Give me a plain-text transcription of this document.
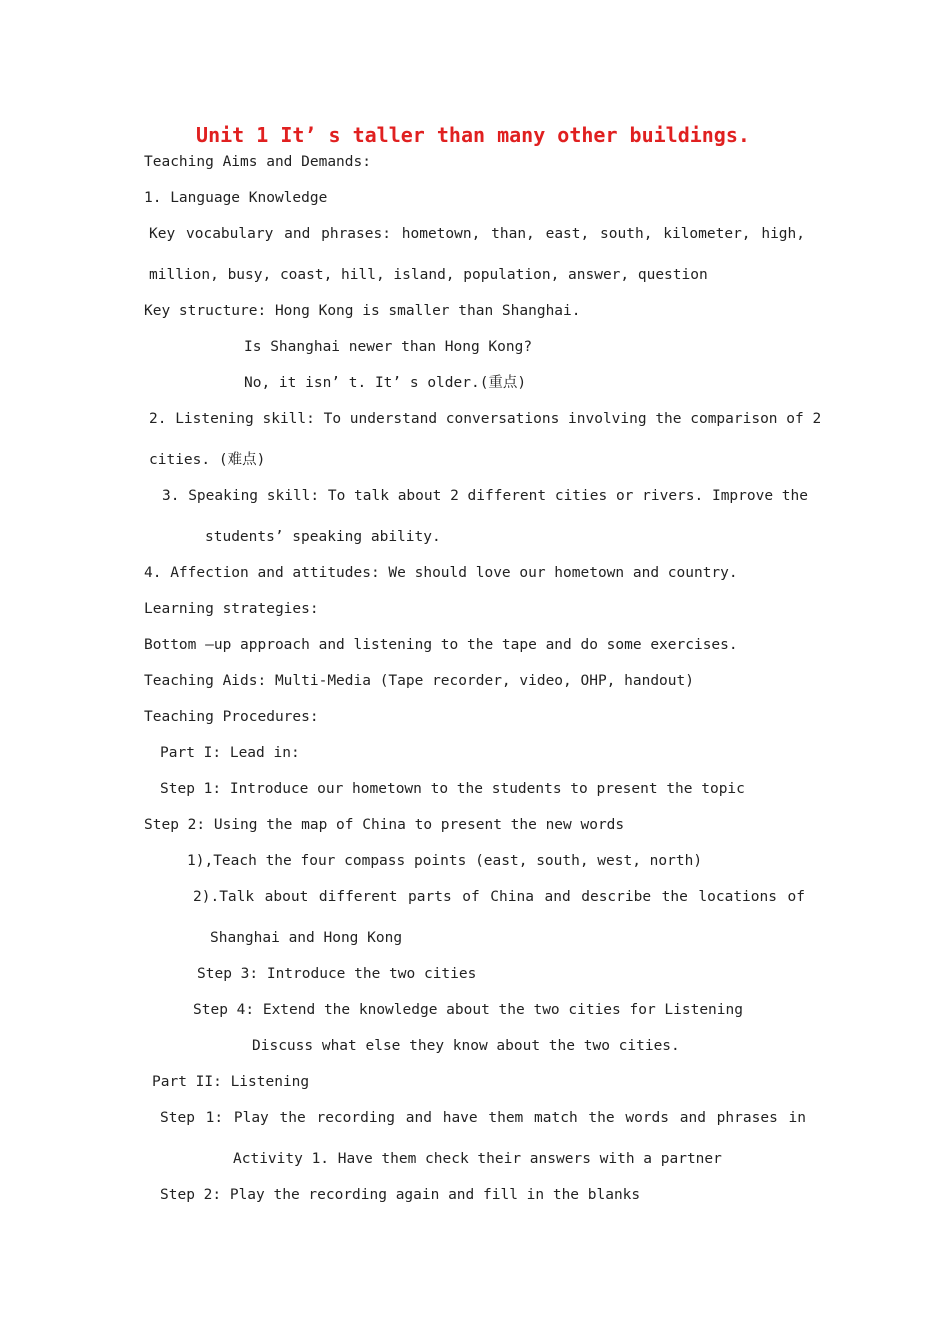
Unit 1 It’ s taller than many other buildings.
Teaching Aims and Demands:
1. Language Knowledge
Key vocabulary and phrases: hometown, than, east, south, kilometer, high,
million, busy, coast, hill, island, population, answer, question
Key structure: Hong Kong is smaller than Shanghai.
Is Shanghai newer than Hong Kong?
No, it isn’ t. It’ s older.(重点)
2. Listening skill: To understand conversations involving the comparison of 2
cities. (难点)
3. Speaking skill: To talk about 2 different cities or rivers. Improve the
students’ speaking ability.
4. Affection and attitudes: We should love our hometown and country.
Learning strategies:
Bottom –up approach and listening to the tape and do some exercises.
Teaching Aids: Multi-Media (Tape recorder, video, OHP, handout)
Teaching Procedures:
Part I: Lead in:
Step 1: Introduce our hometown to the students to present the topic
Step 2: Using the map of China to present the new words
1),Teach the four compass points (east, south, west, north)
2).Talk about different parts of China and describe the locations of
Shanghai and Hong Kong
Step 3: Introduce the two cities
Step 4: Extend the knowledge about the two cities for Listening
Discuss what else they know about the two cities.
Part II: Listening
Step 1: Play the recording and have them match the words and phrases in
Activity 1. Have them check their answers with a partner
Step 2: Play the recording again and fill in the blanks
